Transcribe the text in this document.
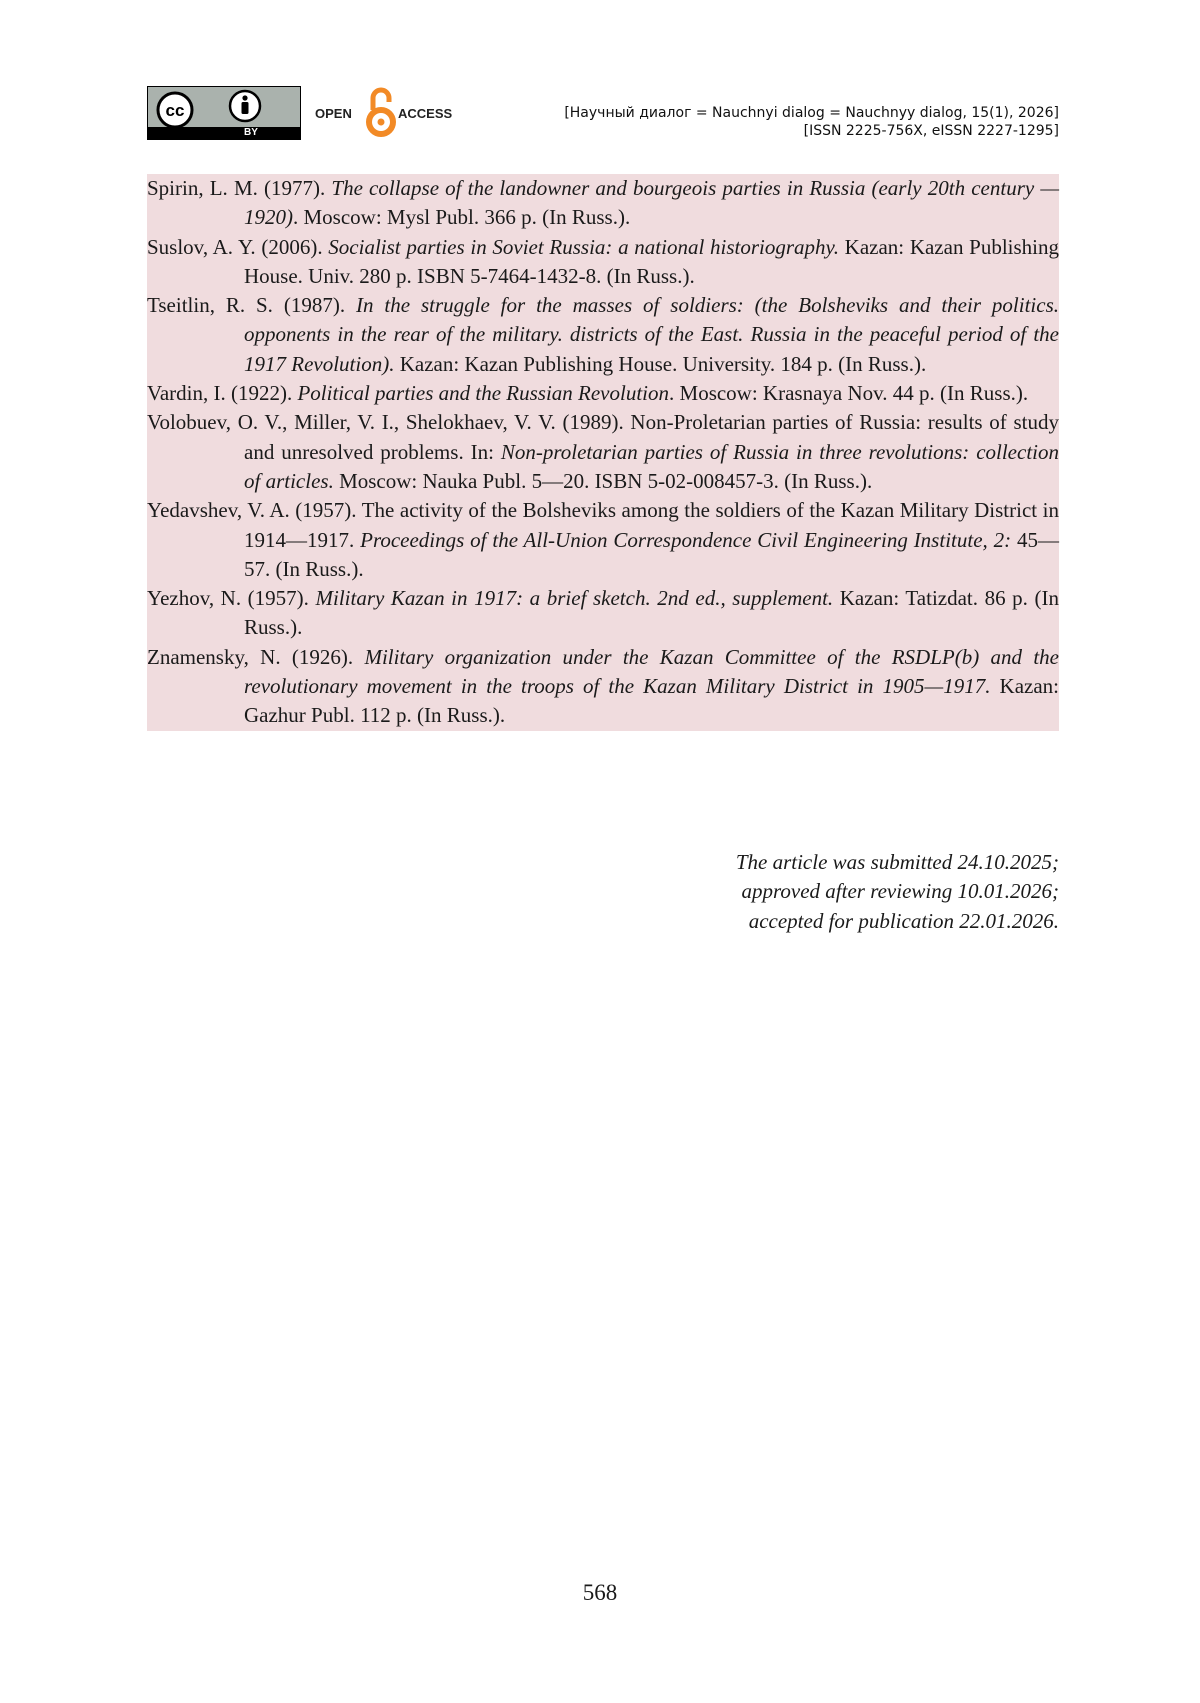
cc
BY
OPEN	ACCESS	[Научный диалог = Nauchnyi dialog = Nauchnyy dialog, 15(1), 2026]
[ISSN 2225-756X, eISSN 2227-1295]

Spirin, L. M. (1977). The collapse of the landowner and bourgeois parties in Russia (early 20th century — 1920). Moscow: Mysl Publ. 366 p. (In Russ.).

Suslov, A. Y. (2006). Socialist parties in Soviet Russia: a national historiography. Kazan: Kazan Publishing House. Univ. 280 p. ISBN 5-7464-1432-8. (In Russ.).

Tseitlin, R. S. (1987). In the struggle for the masses of soldiers: (the Bolsheviks and their politics. opponents in the rear of the military. districts of the East. Russia in the peaceful period of the 1917 Revolution). Kazan: Kazan Publishing House. University. 184 p. (In Russ.).

Vardin, I. (1922). Political parties and the Russian Revolution. Moscow: Krasnaya Nov. 44 p. (In Russ.).

Volobuev, O. V., Miller, V. I., Shelokhaev, V. V. (1989). Non-Proletarian parties of Russia: results of study and unresolved problems. In: Non-proletarian parties of Russia in three revolutions: collection of articles. Moscow: Nauka Publ. 5—20. ISBN 5-02-008457-3. (In Russ.).

Yedavshev, V. A. (1957). The activity of the Bolsheviks among the soldiers of the Kazan Military District in 1914—1917. Proceedings of the All-Union Correspondence Civil Engineering Institute, 2: 45—57. (In Russ.).

Yezhov, N. (1957). Military Kazan in 1917: a brief sketch. 2nd ed., supplement. Kazan: Tatizdat. 86 p. (In Russ.).

Znamensky, N. (1926). Military organization under the Kazan Committee of the RSDLP(b) and the revolutionary movement in the troops of the Kazan Military District in 1905—1917. Kazan: Gazhur Publ. 112 p. (In Russ.).

The article was submitted 24.10.2025;
approved after reviewing 10.01.2026;
accepted for publication 22.01.2026.
568
